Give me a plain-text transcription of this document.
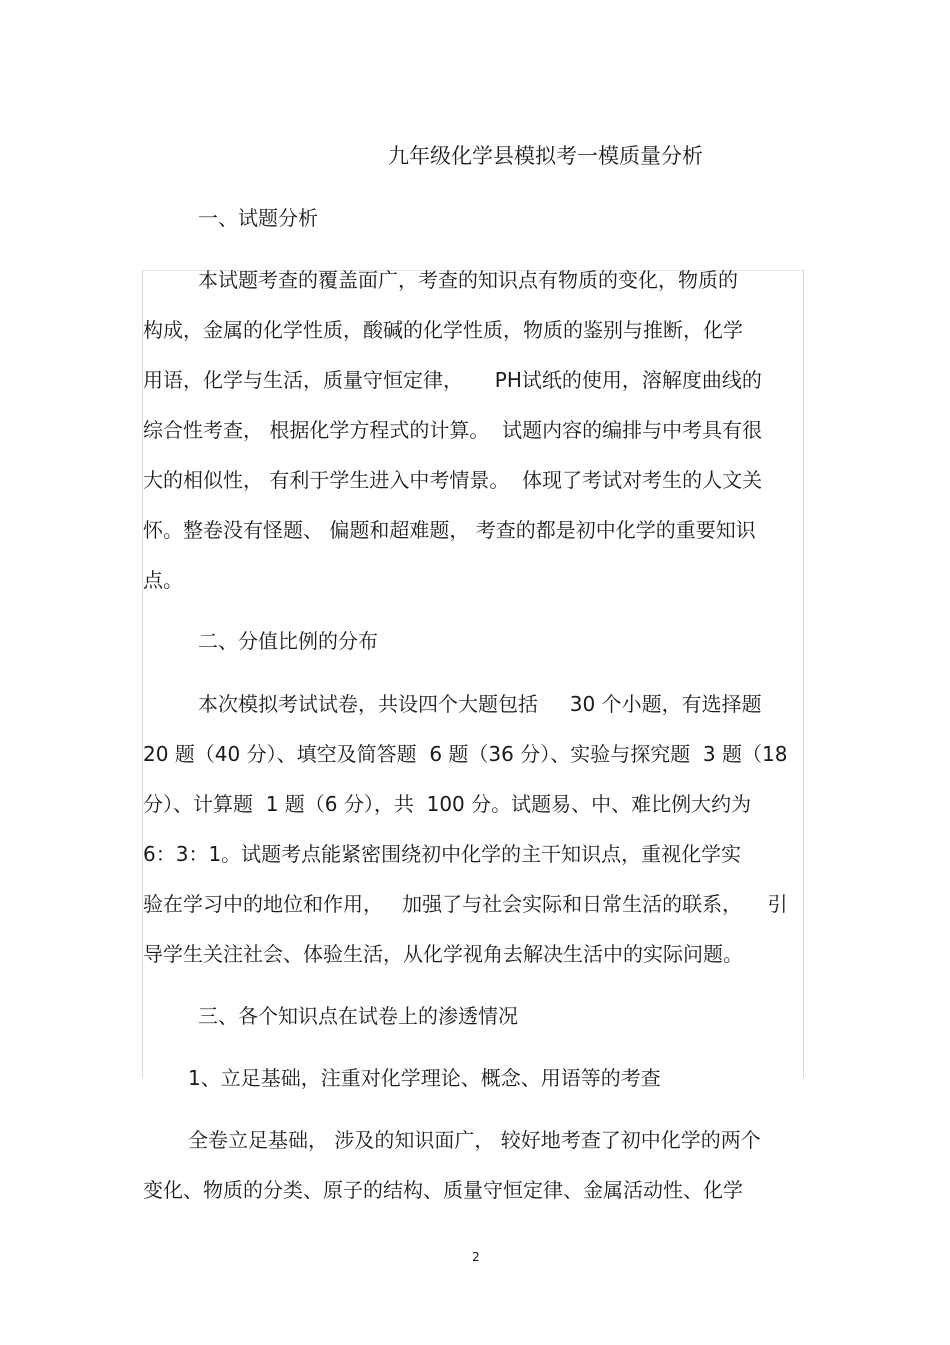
九年级化学县模拟考一模质量分析
一、试题分析
本试题考查的覆盖面广，考查的知识点有物质的变化，物质的
构成，金属的化学性质，酸碱的化学性质，物质的鉴别与推断，化学
用语，化学与生活，质量守恒定律，     PH试纸的使用，溶解度曲线的
综合性考查， 根据化学方程式的计算。  试题内容的编排与中考具有很
大的相似性， 有利于学生进入中考情景。  体现了考试对考生的人文关
怀。整卷没有怪题、 偏题和超难题， 考查的都是初中化学的重要知识
点。
二、分值比例的分布
本次模拟考试试卷，共设四个大题包括     30 个小题，有选择题
20 题（40 分）、填空及简答题  6 题（36 分）、实验与探究题  3 题（18
分）、计算题  1 题（6 分），共  100 分。试题易、中、难比例大约为
6：3：1。试题考点能紧密围绕初中化学的主干知识点，重视化学实
验在学习中的地位和作用，   加强了与社会实际和日常生活的联系，    引
导学生关注社会、体验生活，从化学视角去解决生活中的实际问题。
三、各个知识点在试卷上的渗透情况
1、立足基础，注重对化学理论、概念、用语等的考查
全卷立足基础， 涉及的知识面广， 较好地考查了初中化学的两个
变化、物质的分类、原子的结构、质量守恒定律、金属活动性、化学
2
